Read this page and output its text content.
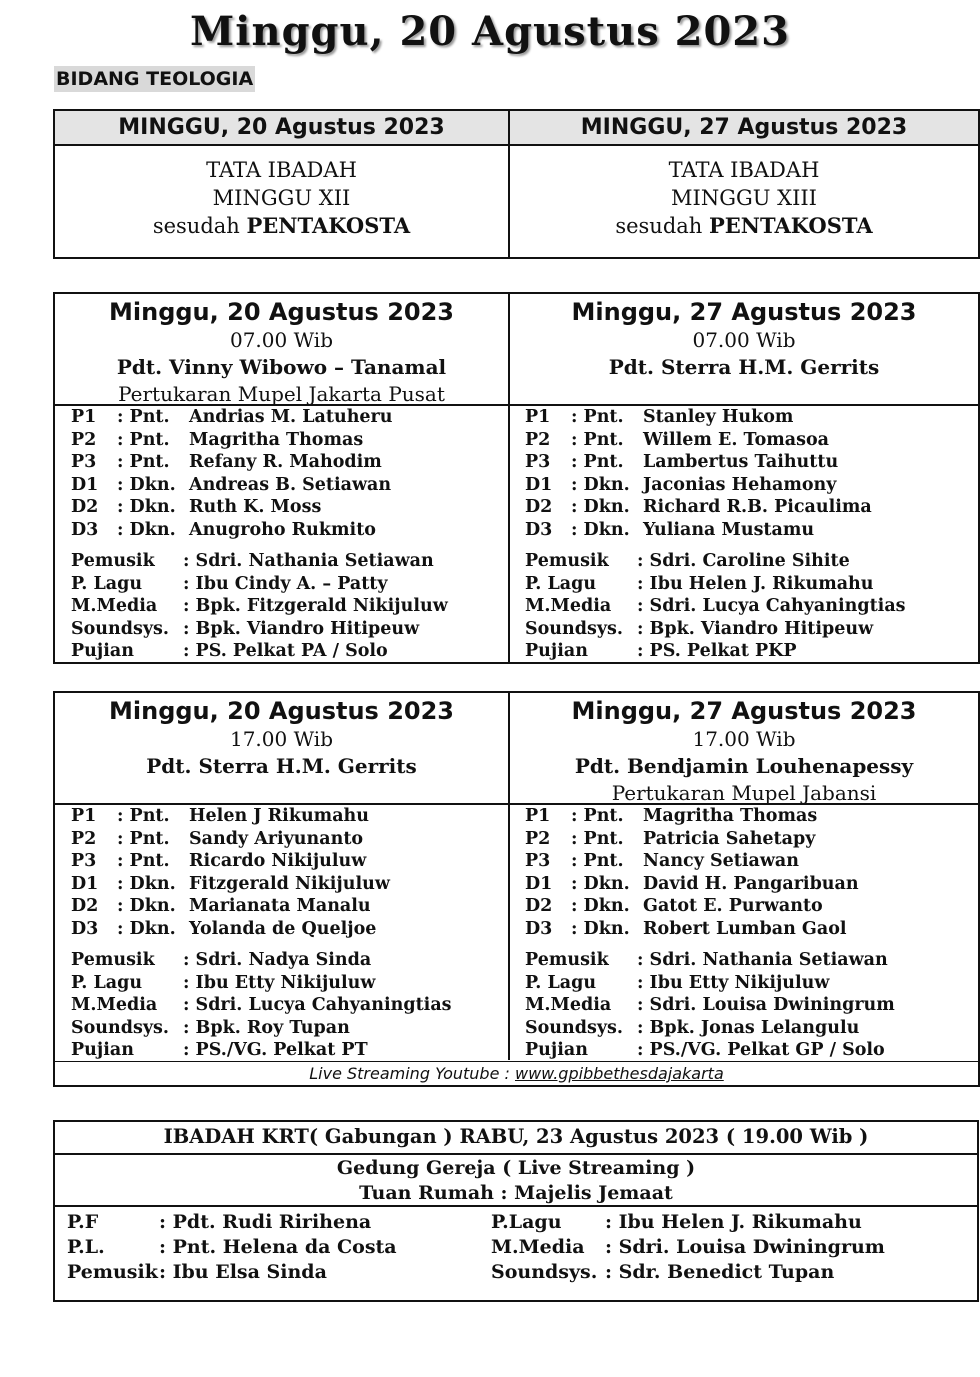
Minggu, 20 Agustus 2023
BIDANG TEOLOGIA
MINGGU, 20 Agustus 2023	MINGGU, 27 Agustus 2023
TATA IBADAH
MINGGU XII
sesudah PENTAKOSTA
TATA IBADAH
MINGGU XIII
sesudah PENTAKOSTA
Minggu, 20 Agustus 2023
07.00 Wib
Pdt. Vinny Wibowo – Tanamal
Pertukaran Mupel Jakarta Pusat
Minggu, 27 Agustus 2023
07.00 Wib
Pdt. Sterra H.M. Gerrits
P1 : Pnt. Andrias M. Latuheru
P2 : Pnt. Magritha Thomas
P3 : Pnt. Refany R. Mahodim
D1 : Dkn. Andreas B. Setiawan
D2 : Dkn. Ruth K. Moss
D3 : Dkn. Anugroho Rukmito
Pemusik : Sdri. Nathania Setiawan
P. Lagu : Ibu Cindy A. – Patty
M.Media : Bpk. Fitzgerald Nikijuluw
Soundsys. : Bpk. Viandro Hitipeuw
Pujian	: PS. Pelkat PA / Solo
P1 : Pnt. Stanley Hukom
P2 : Pnt. Willem E. Tomasoa
P3 : Pnt. Lambertus Taihuttu
D1 : Dkn. Jaconias Hehamony
D2 : Dkn. Richard R.B. Picaulima
D3 : Dkn. Yuliana Mustamu
Pemusik : Sdri. Caroline Sihite
P. Lagu : Ibu Helen J. Rikumahu
M.Media : Sdri. Lucya Cahyaningtias
Soundsys. : Bpk. Viandro Hitipeuw
Pujian	: PS. Pelkat PKP
Minggu, 20 Agustus 2023
17.00 Wib
Pdt. Sterra H.M. Gerrits
Minggu, 27 Agustus 2023
17.00 Wib
Pdt. Bendjamin Louhenapessy
Pertukaran Mupel Jabansi
P1 : Pnt. Helen J Rikumahu
P2 : Pnt. Sandy Ariyunanto
P3 : Pnt. Ricardo Nikijuluw
D1 : Dkn. Fitzgerald Nikijuluw
D2 : Dkn. Marianata Manalu
D3 : Dkn. Yolanda de Queljoe
Pemusik : Sdri. Nadya Sinda
P. Lagu : Ibu Etty Nikijuluw
M.Media : Sdri. Lucya Cahyaningtias
Soundsys. : Bpk. Roy Tupan
Pujian	: PS./VG. Pelkat PT
P1 : Pnt. Magritha Thomas
P2 : Pnt. Patricia Sahetapy
P3 : Pnt. Nancy Setiawan
D1 : Dkn. David H. Pangaribuan
D2 : Dkn. Gatot E. Purwanto
D3 : Dkn. Robert Lumban Gaol
Pemusik : Sdri. Nathania Setiawan
P. Lagu : Ibu Etty Nikijuluw
M.Media : Sdri. Louisa Dwiningrum
Soundsys. : Bpk. Jonas Lelangulu
Pujian	: PS./VG. Pelkat GP / Solo
Live Streaming Youtube : www.gpibbethesdajakarta
IBADAH KRT( Gabungan ) RABU, 23 Agustus 2023 ( 19.00 Wib )
Gedung Gereja ( Live Streaming )
Tuan Rumah : Majelis Jemaat
P.F	: Pdt. Rudi Ririhena
P.L.	: Pnt. Helena da Costa
Pemusik : Ibu Elsa Sinda
P.Lagu : Ibu Helen J. Rikumahu
M.Media : Sdri. Louisa Dwiningrum
Soundsys. : Sdr. Benedict Tupan
